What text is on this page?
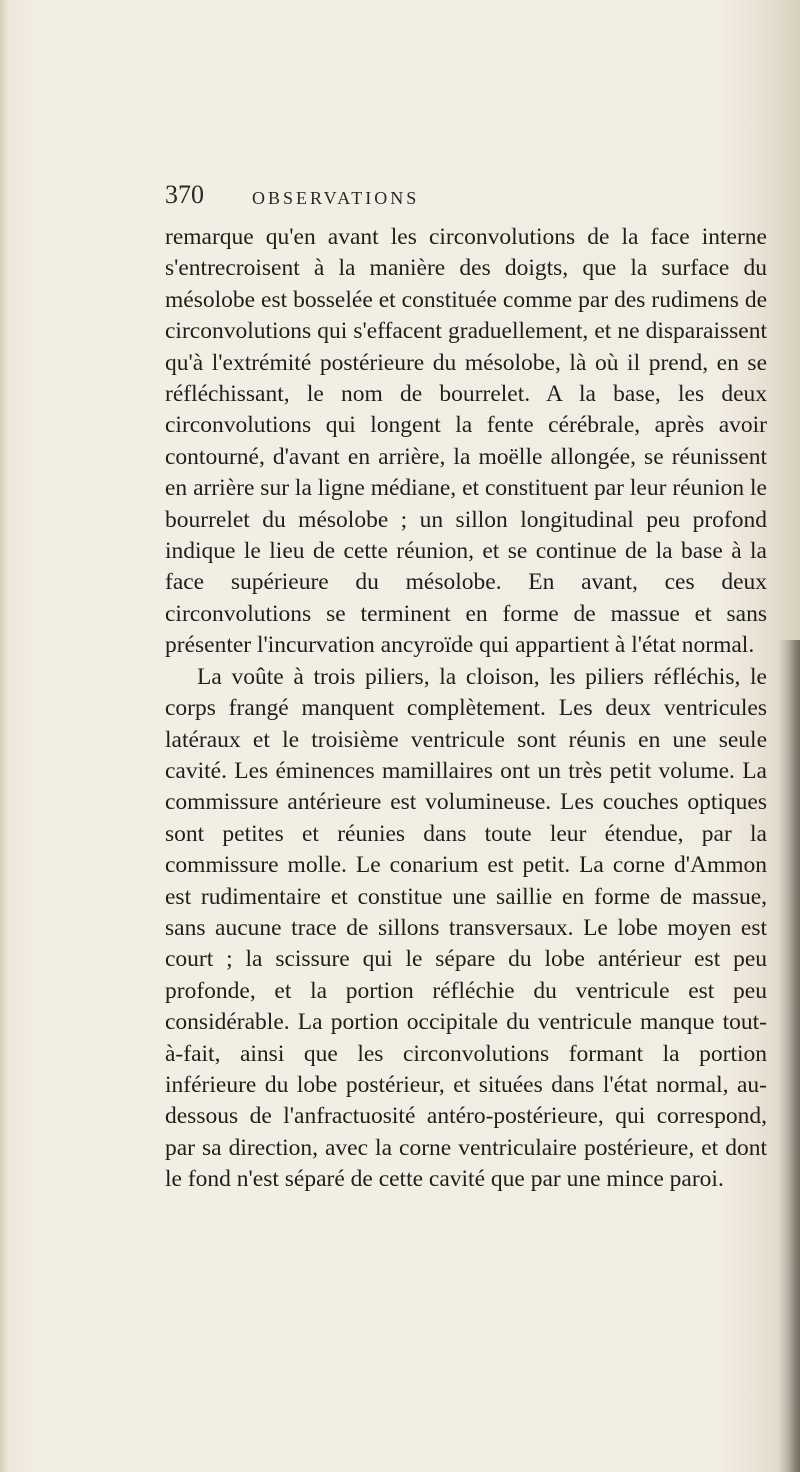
370	OBSERVATIONS

remarque qu'en avant les circonvolutions de la face interne s'entrecroisent à la manière des doigts, que la surface du mésolobe est bosselée et constituée comme par des rudimens de circonvolutions qui s'effacent graduellement, et ne disparaissent qu'à l'extrémité postérieure du mésolobe, là où il prend, en se réfléchissant, le nom de bourrelet. A la base, les deux circonvolutions qui longent la fente cérébrale, après avoir contourné, d'avant en arrière, la moëlle allongée, se réunissent en arrière sur la ligne médiane, et constituent par leur réunion le bourrelet du mésolobe ; un sillon longitudinal peu profond indique le lieu de cette réunion, et se continue de la base à la face supérieure du mésolobe. En avant, ces deux circonvolutions se terminent en forme de massue et sans présenter l'incurvation ancyroïde qui appartient à l'état normal.

La voûte à trois piliers, la cloison, les piliers réfléchis, le corps frangé manquent complètement. Les deux ventricules latéraux et le troisième ventricule sont réunis en une seule cavité. Les éminences mamillaires ont un très petit volume. La commissure antérieure est volumineuse. Les couches optiques sont petites et réunies dans toute leur étendue, par la commissure molle. Le conarium est petit. La corne d'Ammon est rudimentaire et constitue une saillie en forme de massue, sans aucune trace de sillons transversaux. Le lobe moyen est court ; la scissure qui le sépare du lobe antérieur est peu profonde, et la portion réfléchie du ventricule est peu considérable. La portion occipitale du ventricule manque tout-à-fait, ainsi que les circonvolutions formant la portion inférieure du lobe postérieur, et situées dans l'état normal, au-dessous de l'anfractuosité antéro-postérieure, qui correspond, par sa direction, avec la corne ventriculaire postérieure, et dont le fond n'est séparé de cette cavité que par une mince paroi.
